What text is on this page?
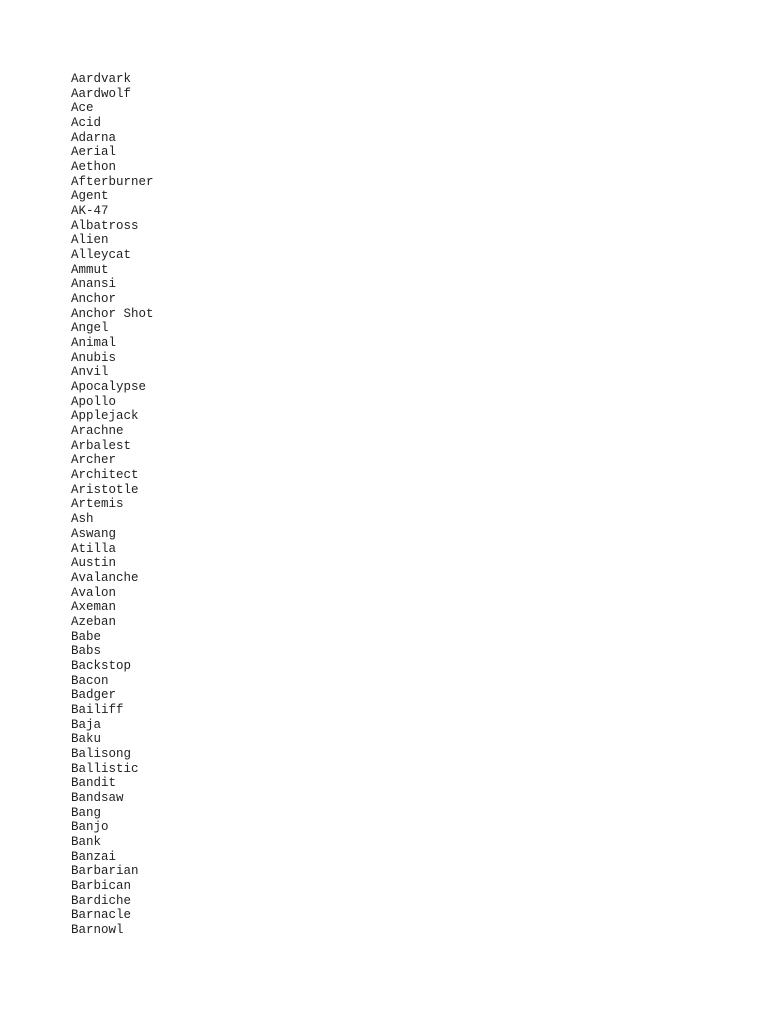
Aardvark
Aardwolf
Ace
Acid
Adarna
Aerial
Aethon
Afterburner
Agent
AK-47
Albatross
Alien
Alleycat
Ammut
Anansi
Anchor
Anchor Shot
Angel
Animal
Anubis
Anvil
Apocalypse
Apollo
Applejack
Arachne
Arbalest
Archer
Architect
Aristotle
Artemis
Ash
Aswang
Atilla
Austin
Avalanche
Avalon
Axeman
Azeban
Babe
Babs
Backstop
Bacon
Badger
Bailiff
Baja
Baku
Balisong
Ballistic
Bandit
Bandsaw
Bang
Banjo
Bank
Banzai
Barbarian
Barbican
Bardiche
Barnacle
Barnowl
